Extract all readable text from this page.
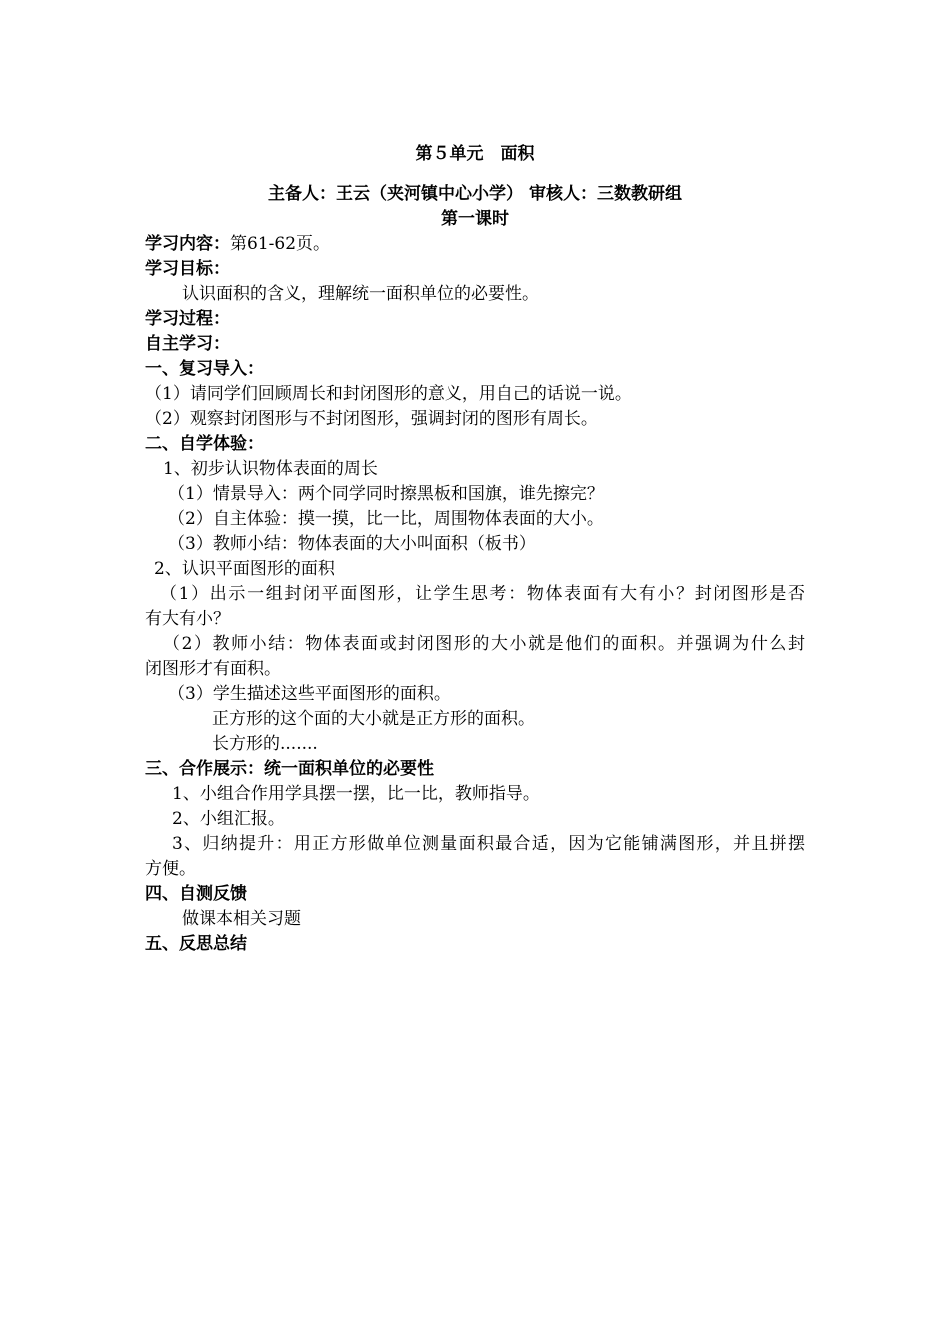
第５单元　面积
主备人：王云（夹河镇中心小学） 审核人：三数教研组
第一课时
学习内容：第61-62页。
学习目标：
认识面积的含义，理解统一面积单位的必要性。
学习过程：
自主学习：
一、复习导入：
（1）请同学们回顾周长和封闭图形的意义，用自己的话说一说。
（2）观察封闭图形与不封闭图形，强调封闭的图形有周长。
二、自学体验：
1、初步认识物体表面的周长
（1）情景导入：两个同学同时擦黑板和国旗，谁先擦完？
（2）自主体验：摸一摸，比一比，周围物体表面的大小。
（3）教师小结：物体表面的大小叫面积（板书）
2、认识平面图形的面积
（1）出示一组封闭平面图形，让学生思考：物体表面有大有小？封闭图形是否
有大有小？
（2）教师小结：物体表面或封闭图形的大小就是他们的面积。并强调为什么封
闭图形才有面积。
（3）学生描述这些平面图形的面积。
正方形的这个面的大小就是正方形的面积。
长方形的.......
三、合作展示：统一面积单位的必要性
1、小组合作用学具摆一摆，比一比，教师指导。
2、小组汇报。
3、归纳提升：用正方形做单位测量面积最合适，因为它能铺满图形，并且拼摆
方便。
四、自测反馈
做课本相关习题
五、反思总结
